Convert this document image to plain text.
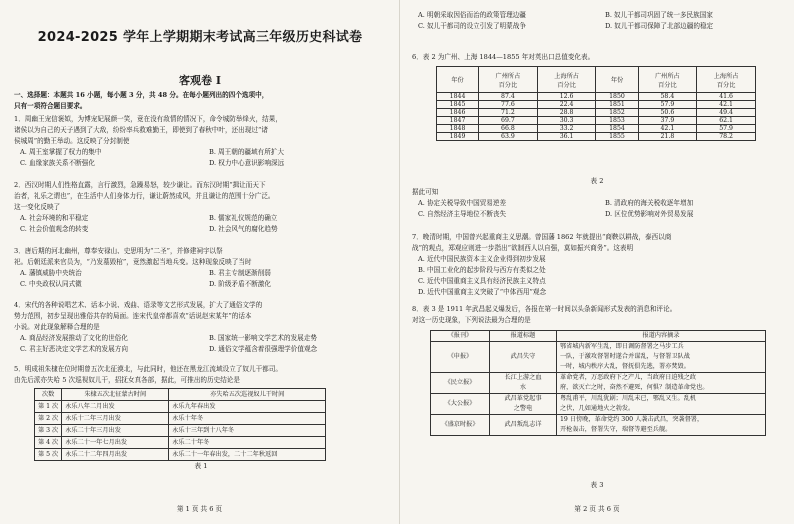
2024-2025 学年上学期期末考试高三年级历史科试卷
客观卷 I

一、选择题：本题共 16 小题，每小题 3 分，共 48 分。在每小题列出的四个选项中，

只有一项符合题目要求。

1．周幽王宠信褒姒，为博宠妃展颜一笑，竟在没有敌情的情况下，命令城防举烽火，结果，

诸侯以为自己的天子遇到了大敌，纷纷率兵救难勤王，即使到了春秋中叶，还出现过“诸

侯城周”的勤王举动。这反映了分封制使

A. 周王室掌握了权力的集中	B. 周王朝的疆域有所扩大
C. 血缘家族关系不断强化	D. 权力中心意识影响深远

2．西汉时期人们性格直露，言行激烈，急躁易怒，较少谦让。而东汉时期“揖让而天下

治者，礼乐之谓也”，在生活中人们身体力行，谦让蔚然成风，并且谦让的范围十分广泛。

这一变化反映了

A. 社会环境的和平稳定	B. 儒家礼仪规范的确立
C. 社会价值观念的转变	D. 社会风气的腐化趋势

3．唐后期的河北幽州，尊奉安禄山、史思明为“二圣”，并修建祠宇以祭

祀。后朝廷派来官员为，“乃发墓毁棺”，竟然激起当地兵变。这种现象反映了当时

A. 藩镇威胁中央统治	B. 君主专制逐渐削弱
C. 中央政权认同式微	D. 阶级矛盾不断激化

4．宋代的各种说唱艺术、话本小说、戏曲、语录等文艺形式发展，扩大了通俗文学的

势力范围，初步呈现出雅俗共存的局面。连宋代皇帝都喜欢“话说赵宋某年”的话本

小说。对此现象解释合理的是

A. 商品经济发展推动了文化的世俗化	B. 国家统一影响文学艺术的发展走势
C. 君主好恶决定文学艺术的发展方向	D. 通俗文学蕴含着很强理学价值观念

5．明成祖朱棣在位时期曾五次北征漠北，与此同时，他还在黑龙江流域设立了奴儿干都司。

由先后派亦失哈 5 次巡视奴儿干，招抚女真各部，据此，可推出的历史结论是

次数	朱棣五次北征蒙古时间	亦失哈五次巡视奴儿干时间
第 1 次	永乐八年二月出发	永乐九年春出发
第 2 次	永乐十二年三月出发	永乐十年冬
第 3 次	永乐二十年三月出发	永乐十三年到十八年冬
第 4 次	永乐二十一年七月出发	永乐二十年冬
第 5 次	永乐二十二年四月出发	永乐二十一年春出发，二十二年秋返回

表 1

第 1 页 共 6 页
A. 明朝采取因俗而治的政策管理边疆	B. 奴儿干都司巩固了统一多民族国家
C. 奴儿干都司的设立引发了明蒙战争	D. 奴儿干都司保障了北部边疆的稳定

6．表 2 为广州、上海 1844—1855 年对英出口总值变化表。

年份	广州所占
百分比	上海所占
百分比	年份	广州所占
百分比	上海所占
百分比
1844	87.4	12.6	1850	58.4	41.6
1845	77.6	22.4	1851	57.9	42.1
1846	71.2	28.8	1852	50.6	49.4
1847	69.7	30.3	1853	37.9	62.1
1848	66.8	33.2	1854	42.1	57.9
1849	63.9	36.1	1855	21.8	78.2

表 2

据此可知

A. 协定关税导致中国贸易逆差	B. 清政府的海关税收逐年增加
C. 自然经济主导地位不断丧失	D. 区位优势影响对外贸易发展

7．晚清时期，中国曾兴起重商主义思潮。曾国藩 1862 年就提出“商鞅以耕战，泰西以商

战”的观点，郑观应则进一步指出“欲制西人以自强，莫如振兴商务”。这表明

A. 近代中国民族资本主义企业得到初步发展

B. 中国工业化的起步阶段与西方有类似之处

C. 近代中国重商主义具有经济民族主义特点

D. 近代中国重商主义突破了“中体西用”观念

8．表 3 是 1911 年武昌起义爆发后，各报在第一时间以头条新闻形式发表的消息和评论。

对这一历史现象，下列说法最为合理的是

《报刊》	报道标题	报道内容摘录
《申报》	武昌失守	鄂省城内新军生乱，即日调防督署之马步工兵
一队，于激攻督署时遂合并谋乱，与督署卫队战
一时，城内秩序大乱，督抚俱先逃，署亦焚毁。
《民立报》	长江上游之血
水	革命党者，万恶政府下之产儿，当政府日迫残之政
府，欲灭亡之时，奋然不避死，何惧？制造革命党也。
《大公报》	武昌革党起事
之警电	粤乱甫平，川乱犹剧；川乱未已，鄂乱又生。乱机
之伏，几如通地火之勃发。
《盛京时报》	武昌叛乱志详	19 日傍晚，革命党约 300 人袭击武昌，突袭督署，
开枪轰击，督署失守，瑞督等避至兵舰。

表 3

第 2 页 共 6 页
